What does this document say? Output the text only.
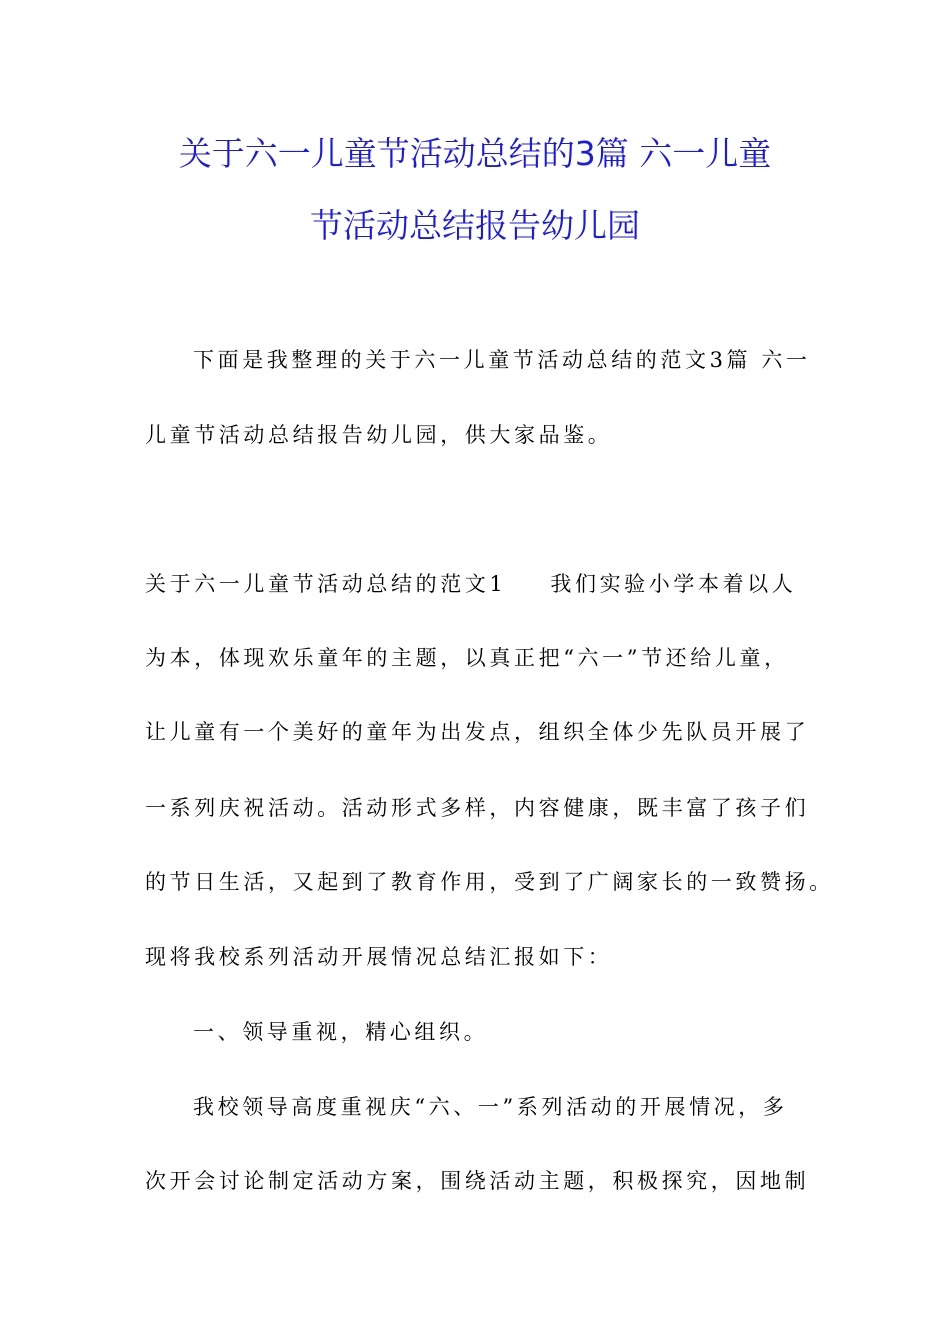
关于六一儿童节活动总结的3篇 六一儿童
节活动总结报告幼儿园
下面是我整理的关于六一儿童节活动总结的范文3篇 六一
儿童节活动总结报告幼儿园，供大家品鉴。
关于六一儿童节活动总结的范文1 我们实验小学本着以人
为本，体现欢乐童年的主题，以真正把“六一”节还给儿童，
让儿童有一个美好的童年为出发点，组织全体少先队员开展了
一系列庆祝活动。活动形式多样，内容健康，既丰富了孩子们
的节日生活，又起到了教育作用，受到了广阔家长的一致赞扬。
现将我校系列活动开展情况总结汇报如下：
一、领导重视，精心组织。
我校领导高度重视庆“六、一”系列活动的开展情况，多
次开会讨论制定活动方案，围绕活动主题，积极探究，因地制
